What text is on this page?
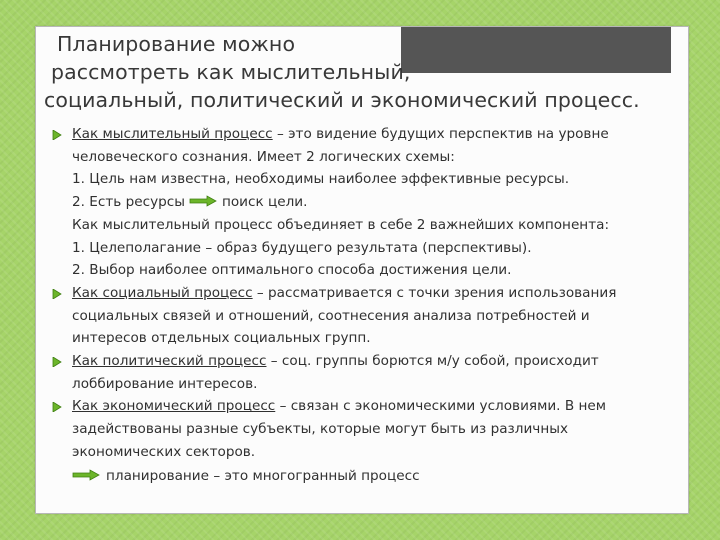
Планирование можно
рассмотреть как мыслительный,
социальный, политический и экономический процесс.
Как мыслительный процесс – это видение будущих перспектив на уровне
человеческого сознания. Имеет 2 логических схемы:
1. Цель нам известна, необходимы наиболее эффективные ресурсы.
2. Есть ресурсы	поиск цели.
Как мыслительный процесс объединяет в себе 2 важнейших компонента:
1. Целеполагание – образ будущего результата (перспективы).
2. Выбор наиболее оптимального способа достижения цели.
Как социальный процесс – рассматривается с точки зрения использования
социальных связей и отношений, соотнесения анализа потребностей и
интересов отдельных социальных групп.
Как политический процесс – соц. группы борются м/у собой, происходит
лоббирование интересов.
Как экономический процесс – связан с экономическими условиями. В нем
задействованы разные субъекты, которые могут быть из различных
экономических секторов.
планирование – это многогранный процесс
